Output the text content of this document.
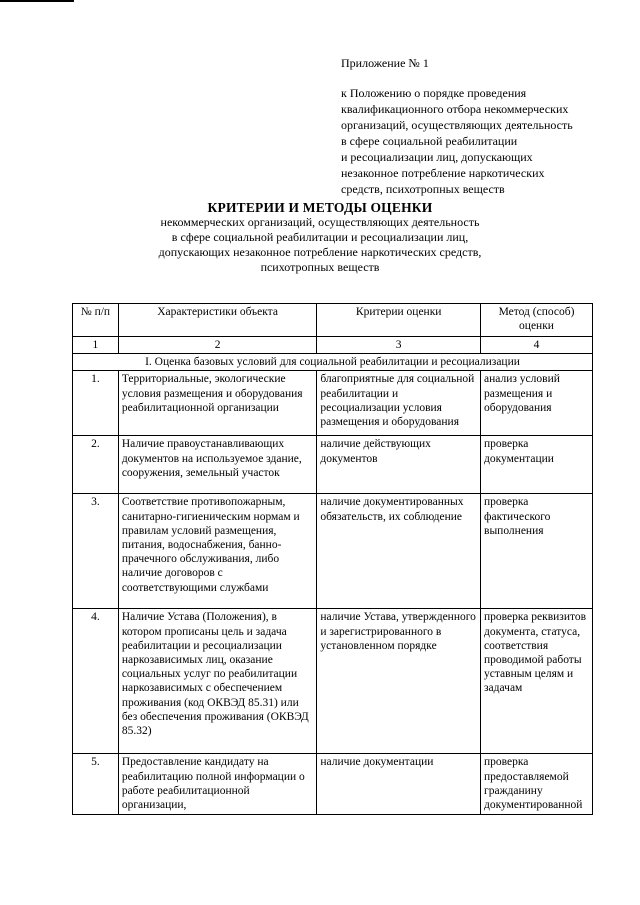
Приложение № 1
к Положению о порядке проведения
квалификационного отбора некоммерческих
организаций, осуществляющих деятельность
в сфере социальной реабилитации
и ресоциализации лиц, допускающих
незаконное потребление наркотических
средств, психотропных веществ
КРИТЕРИИ И МЕТОДЫ ОЦЕНКИ
некоммерческих организаций, осуществляющих деятельность
в сфере социальной реабилитации и ресоциализации лиц,
допускающих незаконное потребление наркотических средств,
психотропных веществ
№ п/п	Характеристики объекта	Критерии оценки	Метод (способ) оценки
1	2	3	4
I. Оценка базовых условий для социальной реабилитации и ресоциализации			
1.	Территориальные, экологические условия размещения и оборудования реабилитационной организации	благоприятные для социальной реабилитации и ресоциализации условия размещения и оборудования	анализ условий размещения и оборудования
2.	Наличие правоустанавливающих документов на используемое здание, сооружения, земельный участок	наличие действующих документов	проверка документации
3.	Соответствие противопожарным, санитарно-гигиеническим нормам и правилам условий размещения, питания, водоснабжения, банно-прачечного обслуживания, либо наличие договоров с соответствующими службами	наличие документированных обязательств, их соблюдение	проверка фактического выполнения
4.	Наличие Устава (Положения), в котором прописаны цель и задача реабилитации и ресоциализации наркозависимых лиц, оказание социальных услуг по реабилитации наркозависимых с обеспечением проживания (код ОКВЭД 85.31) или без обеспечения проживания (ОКВЭД 85.32)	наличие Устава, утвержденного и зарегистрированного в установленном порядке	проверка реквизитов документа, статуса, соответствия проводимой работы уставным целям и задачам
5.	Предоставление кандидату на реабилитацию полной информации о работе реабилитационной организации,	наличие документации	проверка предоставляемой гражданину документированной
